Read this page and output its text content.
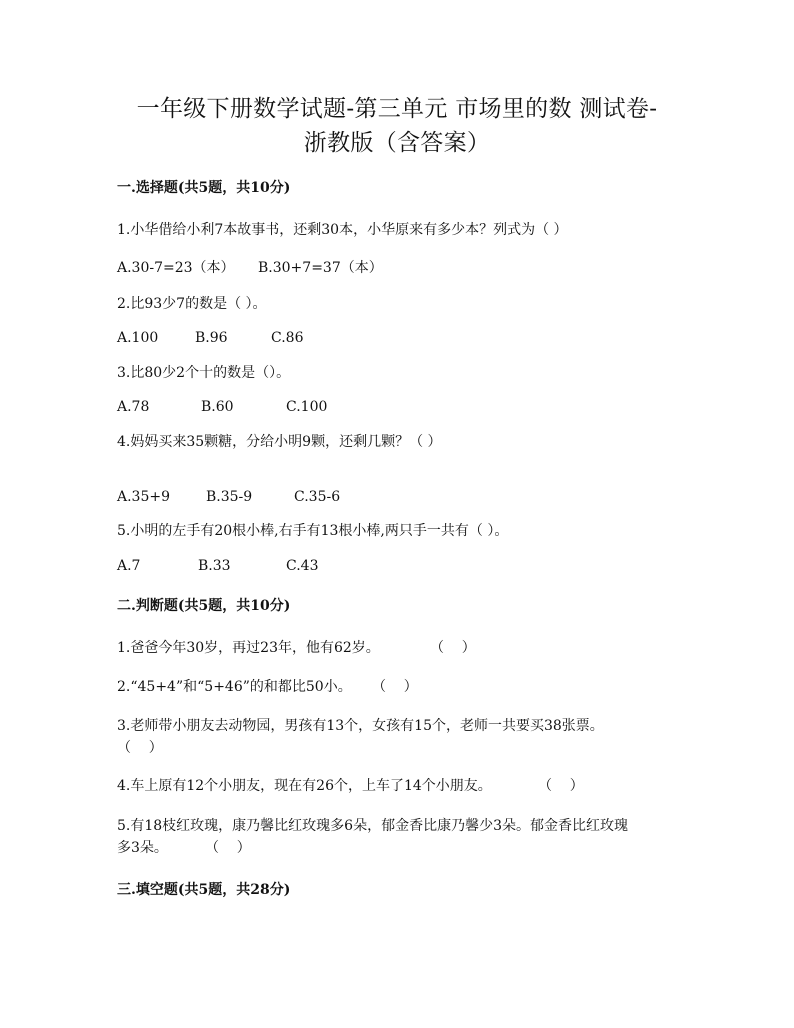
一年级下册数学试题-第三单元 市场里的数 测试卷-
浙教版（含答案）
一.选择题(共5题，共10分)
1.小华借给小利7本故事书，还剩30本，小华原来有多少本？列式为（ ）
A.30-7=23（本） B.30+7=37（本）
2.比93少7的数是（ ）。
A.100	B.96	C.86
3.比80少2个十的数是（）。
A.78	B.60	C.100
4.妈妈买来35颗糖，分给小明9颗，还剩几颗？（ ）
A.35+9	B.35-9	C.35-6
5.小明的左手有20根小棒,右手有13根小棒,两只手一共有（ ）。
A.7	B.33	C.43
二.判断题(共5题，共10分)
1.爸爸今年30岁，再过23年，他有62岁。	（    ）
2.“45+4”和“5+46”的和都比50小。 （    ）
3.老师带小朋友去动物园，男孩有13个，女孩有15个，老师一共要买38张票。
（    ）
4.车上原有12个小朋友，现在有26个，上车了14个小朋友。	（    ）
5.有18枝红玫瑰，康乃馨比红玫瑰多6朵，郁金香比康乃馨少3朵。郁金香比红玫瑰
多3朵。	（    ）
三.填空题(共5题，共28分)
